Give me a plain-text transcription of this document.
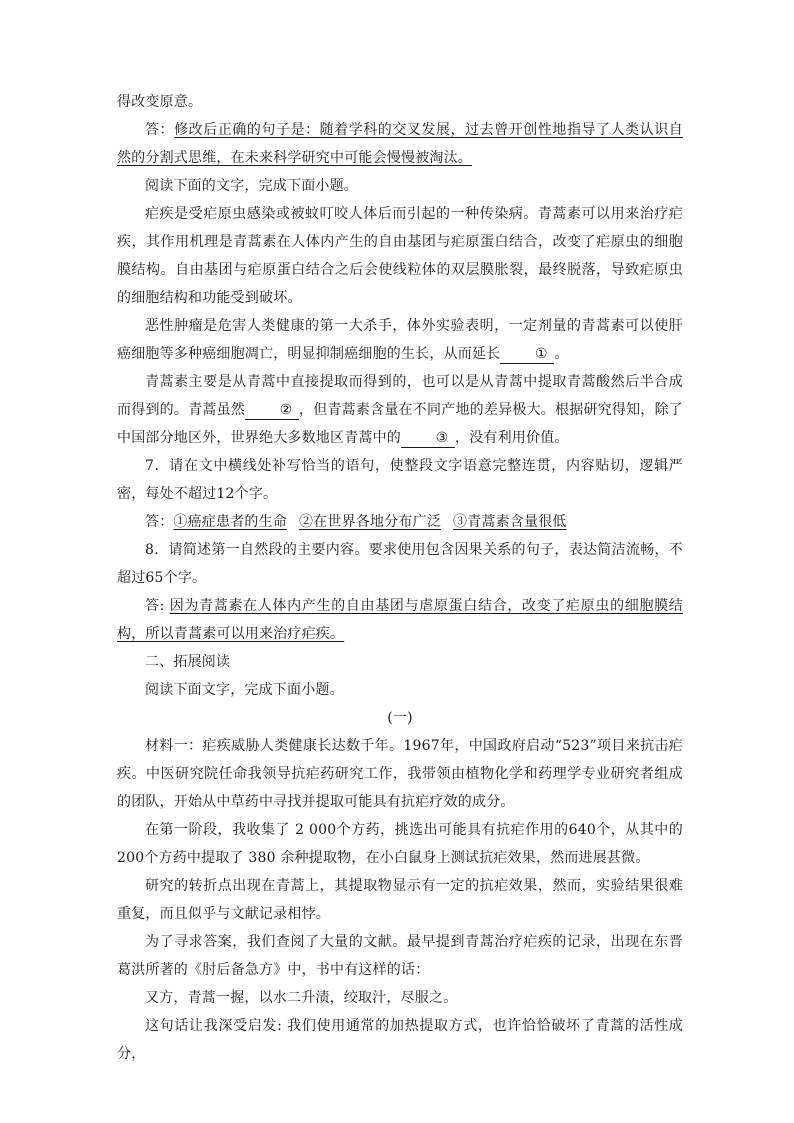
得改变原意。

答：修改后正确的句子是：随着学科的交叉发展，过去曾开创性地指导了人类认识自然的分割式思维，在未来科学研究中可能会慢慢被淘汰。

阅读下面的文字，完成下面小题。

疟疾是受疟原虫感染或被蚊叮咬人体后而引起的一种传染病。青蒿素可以用来治疗疟疾，其作用机理是青蒿素在人体内产生的自由基团与疟原蛋白结合，改变了疟原虫的细胞膜结构。自由基团与疟原蛋白结合之后会使线粒体的双层膜胀裂，最终脱落，导致疟原虫的细胞结构和功能受到破坏。

恶性肿瘤是危害人类健康的第一大杀手，体外实验表明，一定剂量的青蒿素可以使肝癌细胞等多种癌细胞凋亡，明显抑制癌细胞的生长，从而延长 ① 。

青蒿素主要是从青蒿中直接提取而得到的，也可以是从青蒿中提取青蒿酸然后半合成而得到的。青蒿虽然 ② ，但青蒿素含量在不同产地的差异极大。根据研究得知，除了中国部分地区外，世界绝大多数地区青蒿中的 ③ ，没有利用价值。

7．请在文中横线处补写恰当的语句，使整段文字语意完整连贯，内容贴切，逻辑严密，每处不超过12个字。

答：①癌症患者的生命 ②在世界各地分布广泛 ③青蒿素含量很低

8．请简述第一自然段的主要内容。要求使用包含因果关系的句子，表达简洁流畅，不超过65个字。

答: 因为青蒿素在人体内产生的自由基团与虐原蛋白结合，改变了疟原虫的细胞膜结构，所以青蒿素可以用来治疗疟疾。

二、拓展阅读

阅读下面文字，完成下面小题。

(一)

材料一：疟疾威胁人类健康长达数千年。1967年，中国政府启动“523”项目来抗击疟疾。中医研究院任命我领导抗疟药研究工作，我带领由植物化学和药理学专业研究者组成的团队，开始从中草药中寻找并提取可能具有抗疟疗效的成分。

在第一阶段，我收集了 2 000个方药，挑选出可能具有抗疟作用的640个，从其中的 200个方药中提取了 380 余种提取物，在小白鼠身上测试抗疟效果，然而进展甚微。

研究的转折点出现在青蒿上，其提取物显示有一定的抗疟效果，然而，实验结果很难重复，而且似乎与文献记录相悖。

为了寻求答案，我们查阅了大量的文献。最早提到青蒿治疗疟疾的记录，出现在东晋葛洪所著的《肘后备急方》中，书中有这样的话：

又方，青蒿一握，以水二升渍，绞取汁，尽服之。

这句话让我深受启发: 我们使用通常的加热提取方式，也许恰恰破坏了青蒿的活性成分，
